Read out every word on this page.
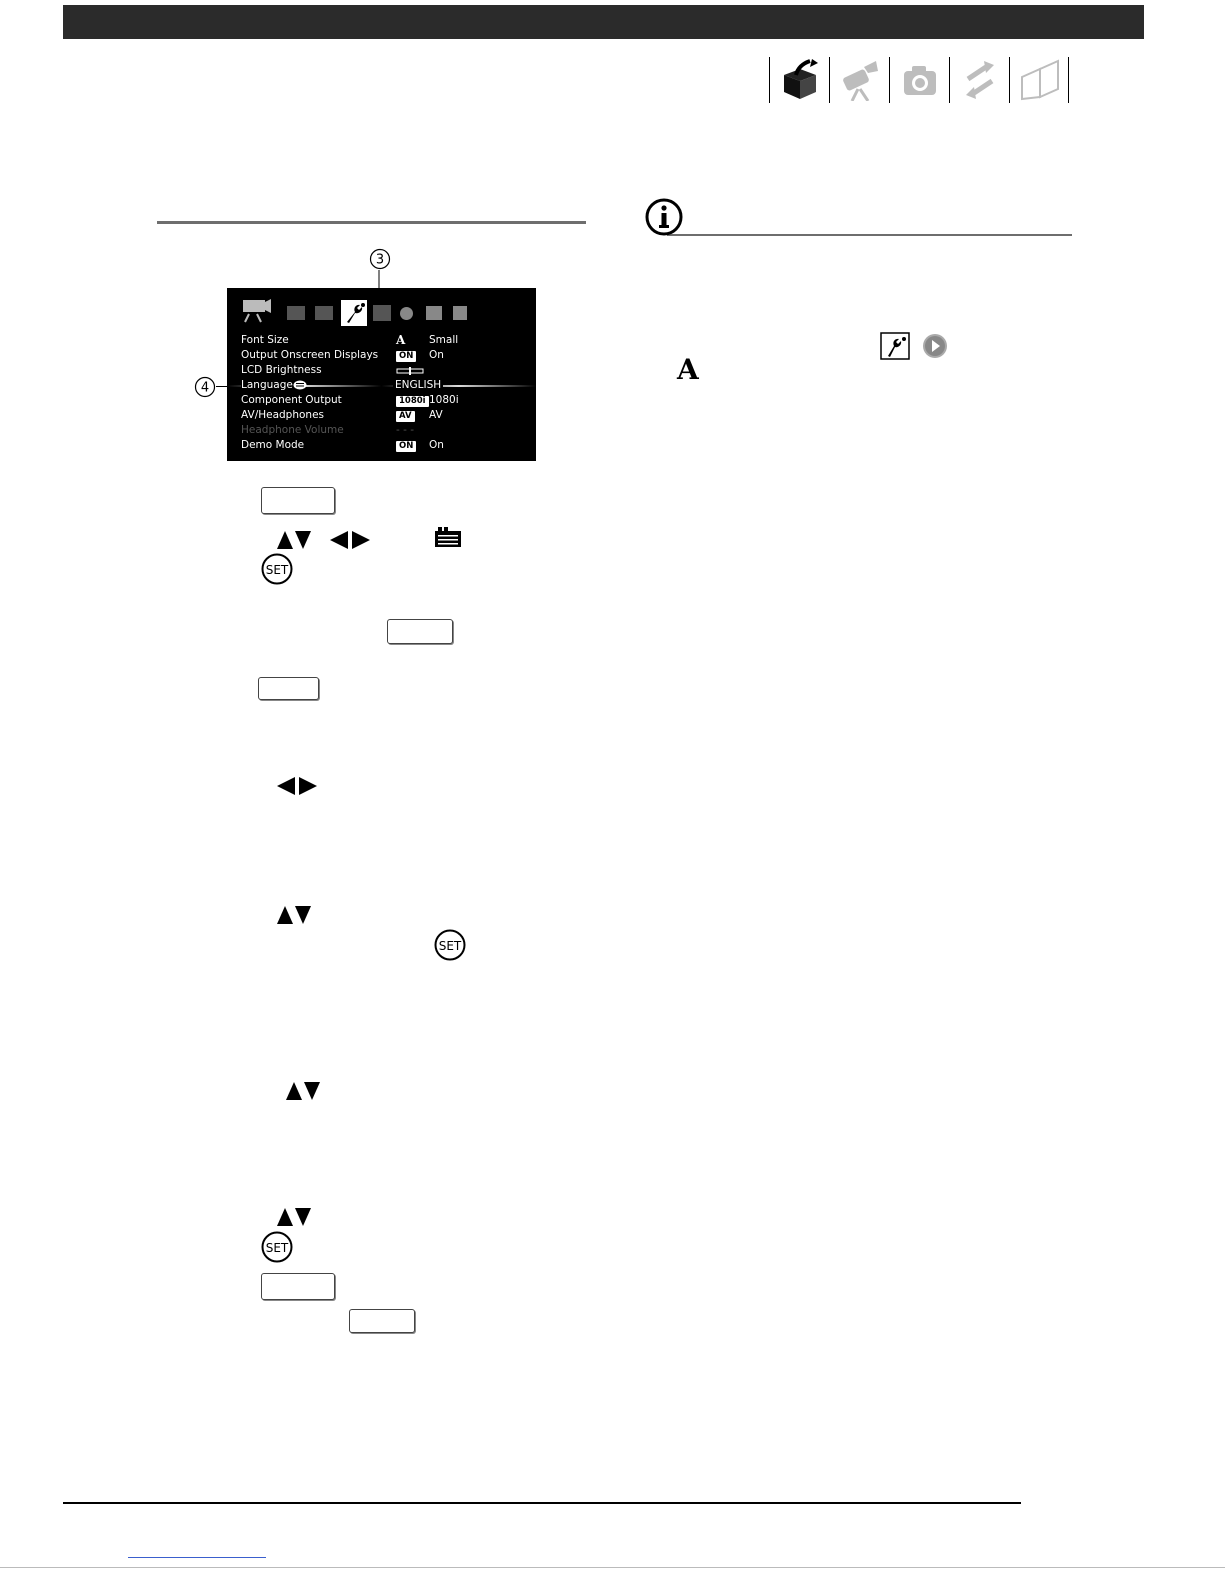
3
4
Font Size	A Small
Output Onscreen Displays	ON On
LCD Brightness
Language	ENGLISH
Component Output	1080i 1080i
AV/Headphones	AV AV
Headphone Volume	- - -
Demo Mode	ON On
SET
SET
SET
A
